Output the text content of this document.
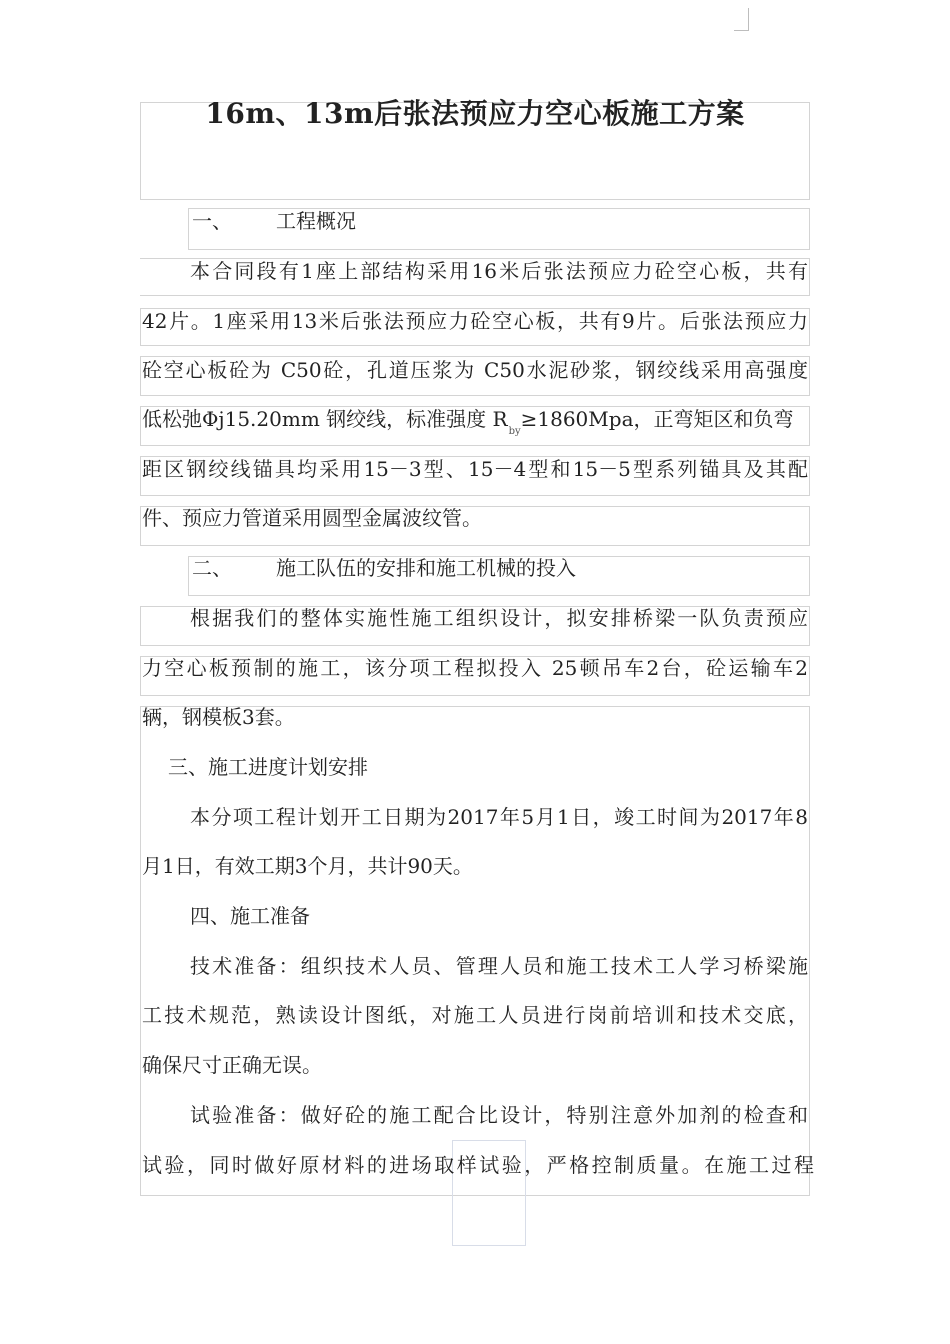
16m、13m后张法预应力空心板施工方案
一、 工程概况

本合同段有1座上部结构采用16米后张法预应力砼空心板，共有

42片。1座采用13米后张法预应力砼空心板，共有9片。后张法预应力

砼空心板砼为 C50砼，孔道压浆为 C50水泥砂浆，钢绞线采用高强度

低松弛Φj15.20mm 钢绞线，标准强度 $R_{by}\ge 1860Mpa$，正弯矩区和负弯

距区钢绞线锚具均采用15－3型、15－4型和15－5型系列锚具及其配

件、预应力管道采用圆型金属波纹管。

二、 施工队伍的安排和施工机械的投入

根据我们的整体实施性施工组织设计，拟安排桥梁一队负责预应

力空心板预制的施工，该分项工程拟投入 25顿吊车2台，砼运输车2

辆，钢模板3套。

三、施工进度计划安排

本分项工程计划开工日期为2017年5月1日，竣工时间为2017年8

月1日，有效工期3个月，共计90天。

四、施工准备

技术准备：组织技术人员、管理人员和施工技术工人学习桥梁施

工技术规范，熟读设计图纸，对施工人员进行岗前培训和技术交底，

确保尺寸正确无误。

试验准备：做好砼的施工配合比设计，特别注意外加剂的检查和

试验，同时做好原材料的进场取样试验，严格控制质量。在施工过程
